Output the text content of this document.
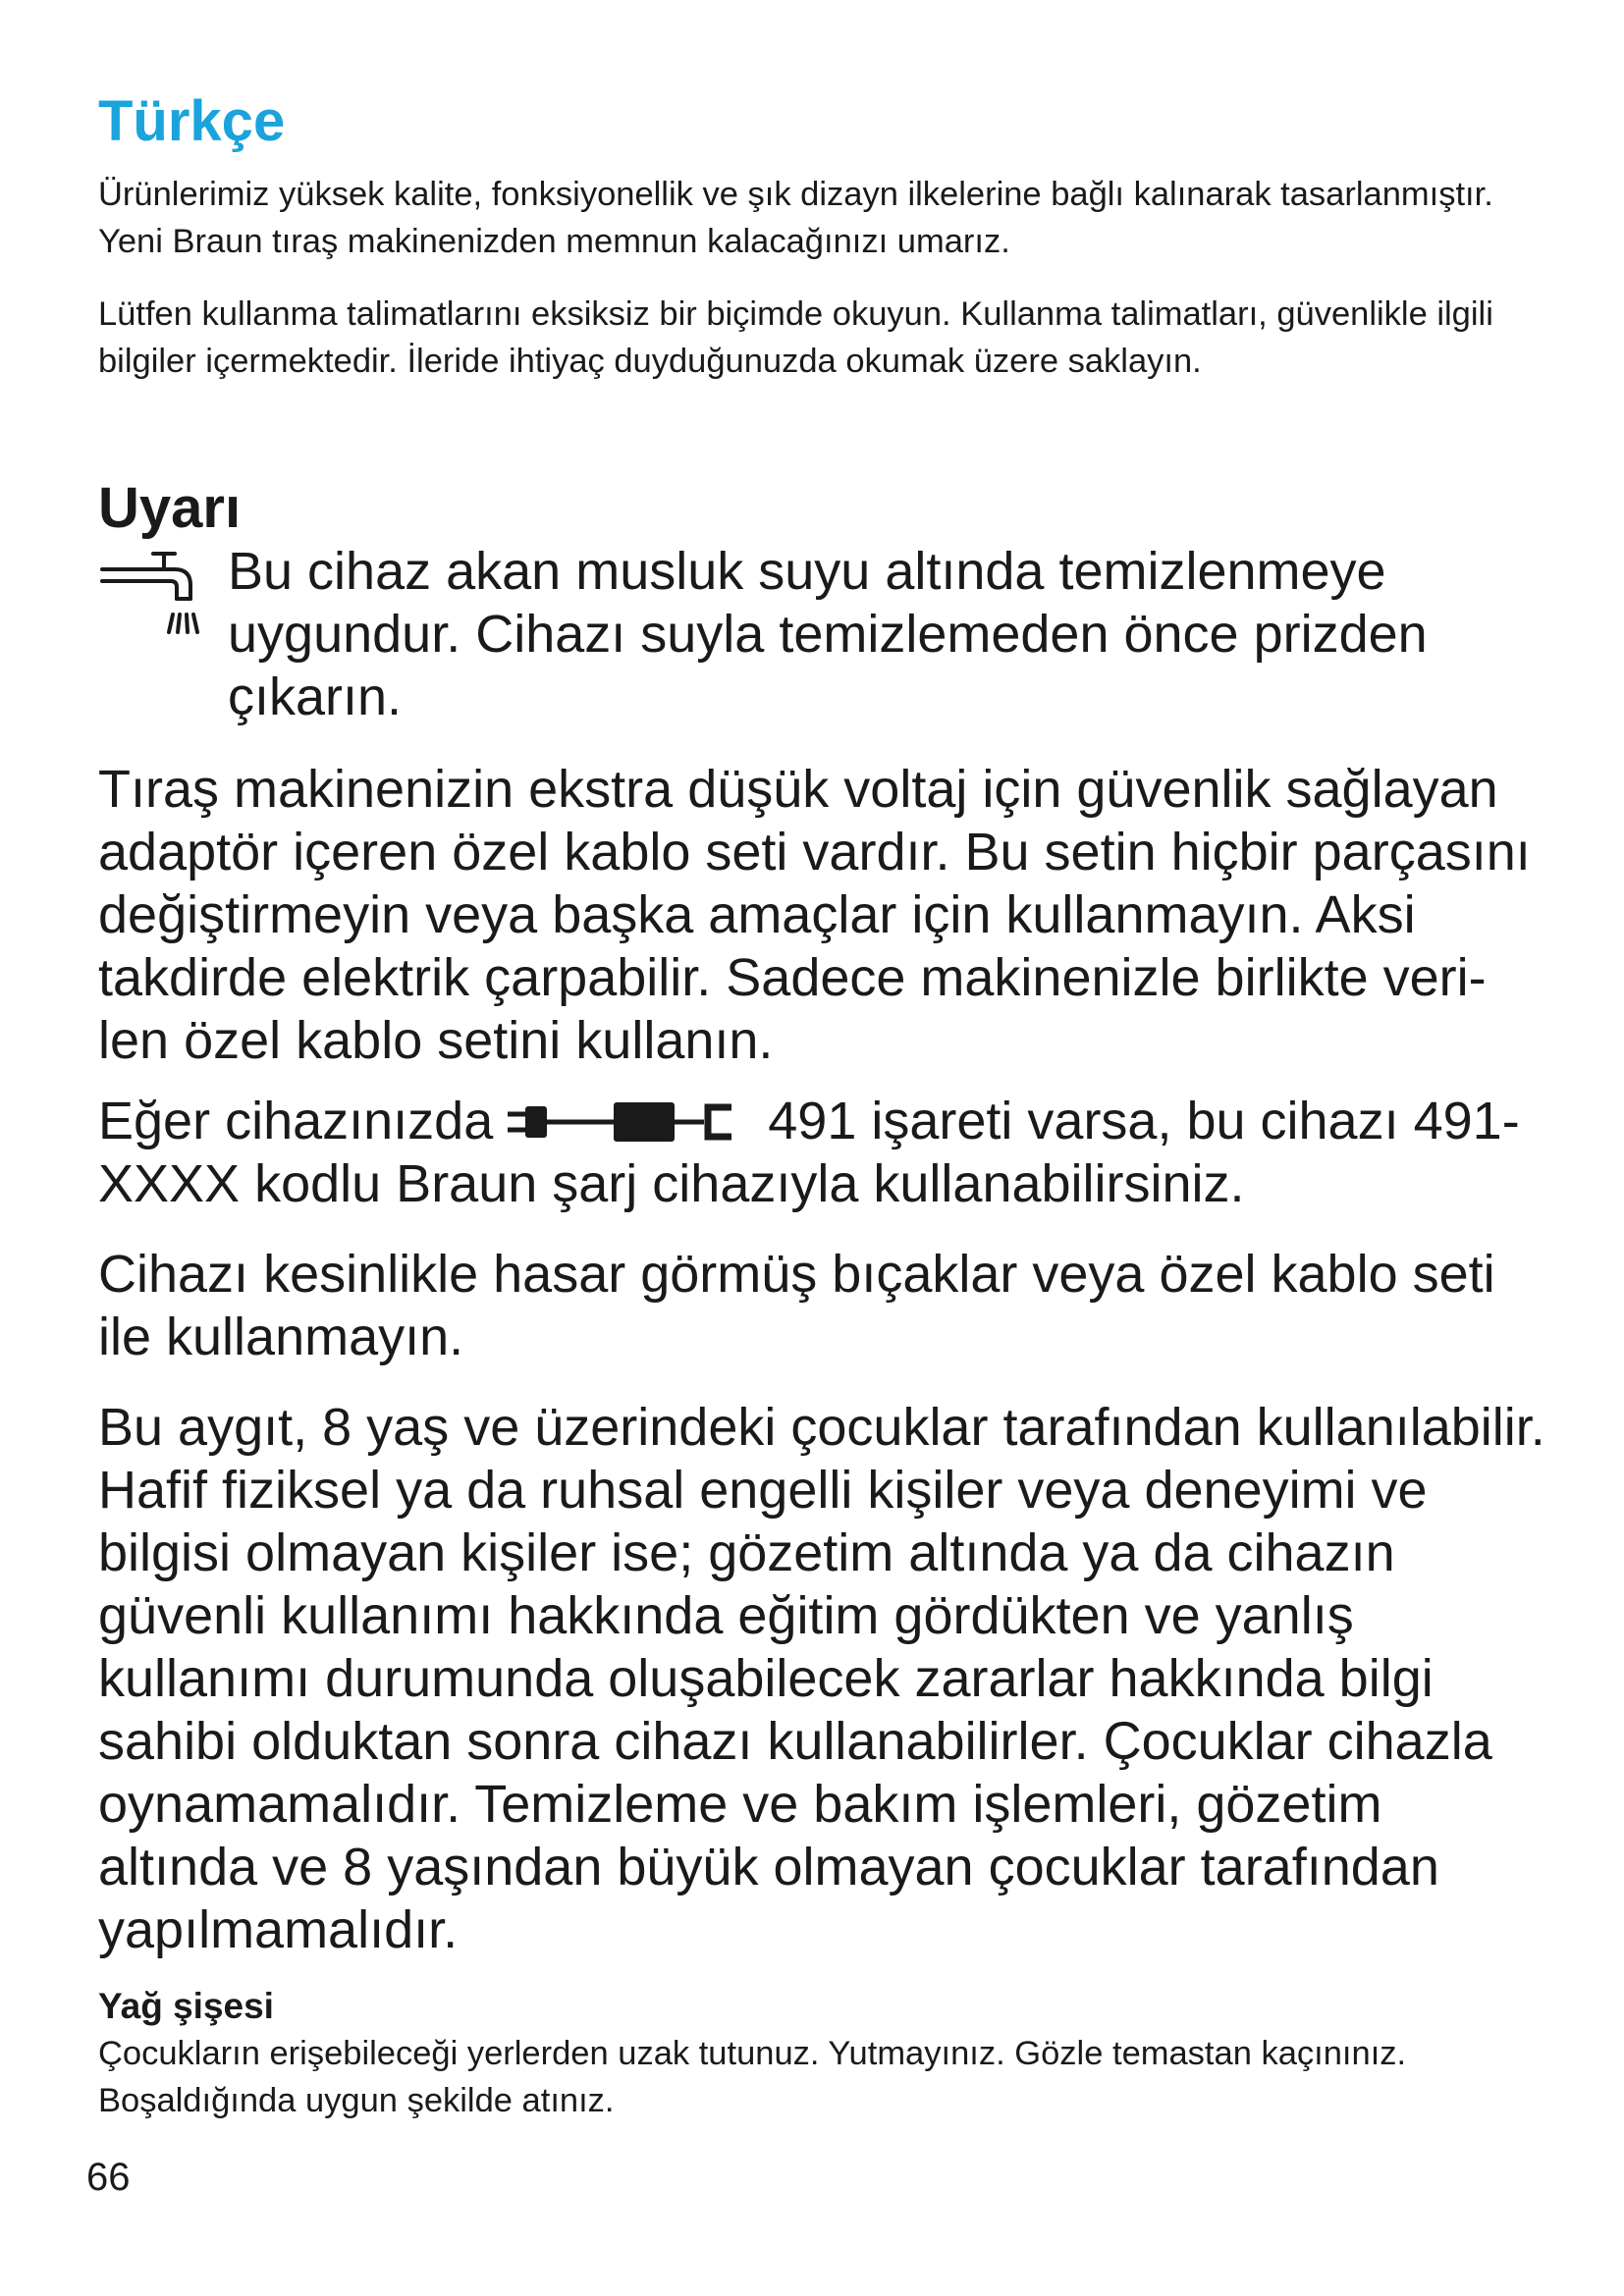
Türkçe

Ürünlerimiz yüksek kalite, fonksiyonellik ve şık dizayn ilkelerine bağlı kalınarak tasarlanmıştır. Yeni Braun tıraş makinenizden memnun kalacağınızı umarız.

Lütfen kullanma talimatlarını eksiksiz bir biçimde okuyun. Kullanma talimatları, güvenlikle ilgili bilgiler içermektedir. İleride ihtiyaç duyduğunuzda okumak üzere saklayın.

Uyarı

Bu cihaz akan musluk suyu altında temizlenmeye uygundur. Cihazı suyla temizlemeden önce prizden çıkarın.

Tıraş makinenizin ekstra düşük voltaj için güvenlik sağlayan adaptör içeren özel kablo seti vardır. Bu setin hiçbir parçasını değiştirmeyin veya başka amaçlar için kullanmayın. Aksi takdirde elektrik çarpabilir. Sadece makinenizle birlikte veri-len özel kablo setini kullanın.

Eğer cihazınızda	491 işareti varsa, bu cihazı 491-XXXX kodlu Braun şarj cihazıyla kullanabilirsiniz.

Cihazı kesinlikle hasar görmüş bıçaklar veya özel kablo seti ile kullanmayın.

Bu aygıt, 8 yaş ve üzerindeki çocuklar tarafından kullanılabilir. Hafif fiziksel ya da ruhsal engelli kişiler veya deneyimi ve bilgisi olmayan kişiler ise; gözetim altında ya da cihazın güvenli kullanımı hakkında eğitim gördükten ve yanlış kullanımı durumunda oluşabilecek zararlar hakkında bilgi sahibi olduktan sonra cihazı kullanabilirler. Çocuklar cihazla oynamamalıdır. Temizleme ve bakım işlemleri, gözetim altında ve 8 yaşından büyük olmayan çocuklar tarafından yapılmamalıdır.

Yağ şişesi

Çocukların erişebileceği yerlerden uzak tutunuz. Yutmayınız. Gözle temastan kaçınınız. Boşaldığında uygun şekilde atınız.

66
